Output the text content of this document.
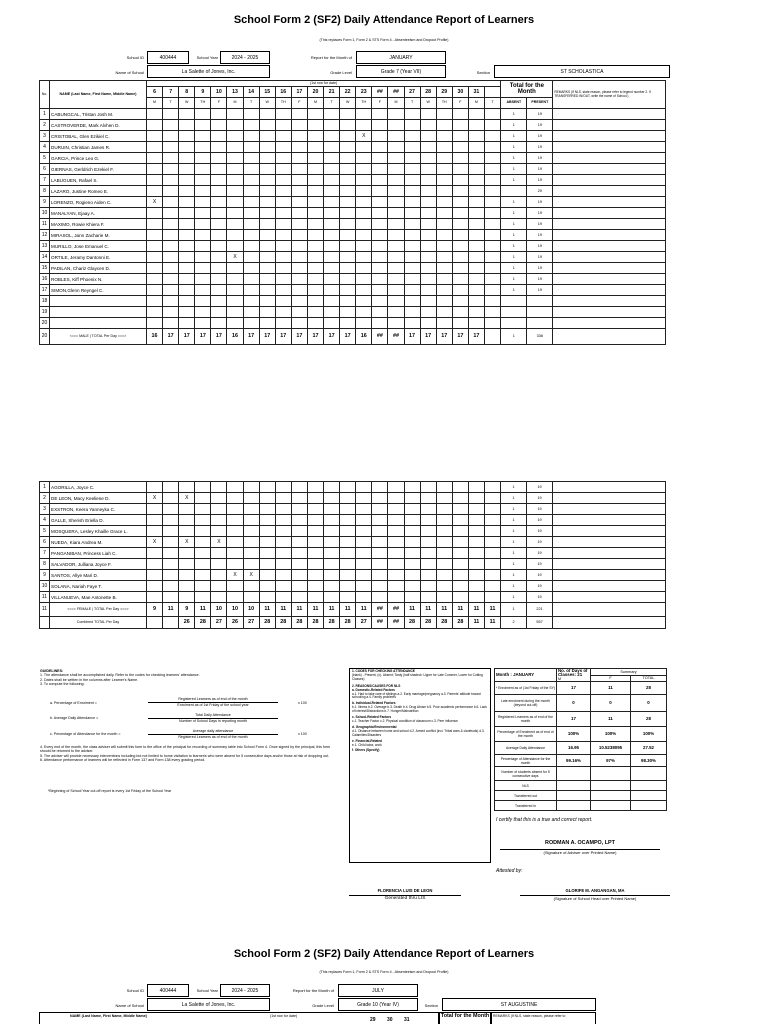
School Form 2 (SF2) Daily Attendance Report of Learners
(This replaces Form 1, Form 2 & STS Form 4 - Absenteeism and Dropout Profile)
School ID	400444	School Year	2024 - 2025	Report for the Month of	JANUARY
Name of School	La Salette of Jones, Inc.	Grade Level	Grade 7 (Year VII)	Section	ST SCHOLASTICA
No.	NAME (Last Name, First Name, Middle Name)	(1st row for date)																						Total for the Month		REMARKS (If NLS, state reason, please refer to legend number 2. If TRANSFERRED IN/OUT, write the name of School.)
		6	7	8	9	10	13	14	15	16	17	20	21	22	23	##	##	27	28	29	30	31				
		M	T	W	TH	F	M	T	W	TH	F	M	T	W	TH	F	M	T	W	TH	F	M	T	ABSENT	PRESENT	
1	CABUNGCAL, Tristan Josh M.																							1	19	
2	CASTROVERDE, Mark Alvhen D.																							1	19	
3	CRISTOBAL, Glen Ezikiel C.														X									1	19	
4	DURUIN, Christian James R.																							1	19	
5	GARCIA, Prince Leo G.																							1	19	
6	GIERNAS, Gerldrich Ezekiel F.																							1	19	
7	LABUGUEN, Rafael S.																							1	19	
8	LAZARO, Justine Romeo E.																								20	
9	LORENZO, Rogieno Aiden C.	X																						1	19	
10	MANALYAN, Ejaay A.																							1	19	
11	MAXIMO, Rowie Khiera F.																							1	19	
12	MIRASOL, Jann Zacharie M.																							1	19	
13	MURILLO, Jose Emanuel C.																							1	19	
14	ORTILE, Jeramy Dantonni E.						X																	1	19	
15	PADILAN, Chariz Glaycen D.																							1	19	
16	ROBLES, Kiff Phoenix N.																							1	19	
17	SIMON,Glenn Reyngel C.																							1	19	
18																										
19																										
20																										
20	<=== MALE | TOTAL Per Day ===>	16	17	17	17	17	16	17	17	17	17	17	17	17	16	##	##	17	17	17	17	17		1	336	
1	AGORILLA, Joyce C.																							1	19	
2	DE LEON, Macy Keeliene D.	X		X																				1	19	
3	EXSTRON, Keera Yanneyka C.																							1	19	
4	GALLE, Sherish Eriella D.																							1	19	
5	MOSQUERA, Lesley Khaille Grace L.																							1	19	
6	NUEDA, Kiara Andrea M.	X		X		X																		1	19	
7	PANGANIBAN, Princess Liah C.																							1	19	
8	SALVADOR, Julliana Joyce F.																							1	19	
9	SANTOS, Allye Mari D.						X	X																1	19	
10	SOLANA, Nariah Faye T.																							1	19	
11	VILLANUEVA, Mae Antonette B.																							1	19	
11	<=== FEMALE | TOTAL Per Day ===>	9	11	9	11	10	10	10	11	11	11	11	11	11	11	##	##	11	11	11	11	11	11	1	221	
	Combined TOTAL Per Day			26	28	27	26	27	28	28	28	28	28	28	27	##	##	28	28	28	28	11	11	2	557	
GUIDELINES:
1. The attendance shall be accomplished daily. Refer to the codes for checking learners' attendance.
2. Dates shall be written in the columns after Learner's Name.
3. To compute the following:
a. Percentage of Enrolment =
Registered Learners as of end of the month
Enrolment as of 1st Friday of the school year	x 100
b. Average Daily Attendance =
Total Daily Attendance
Number of School Days in reporting month
c. Percentage of Attendance for the month =
Average daily attendance
Registered Learners as of end of the month
x 100
4. Every end of the month, the class adviser will submit this form to the office of the principal for recording of summary table into School Form 4. Once signed by the principal, this form should be returned to the adviser.
5. The adviser will provide necessary interventions including but not limited to home visitation to learner/s who were absent for 5 consecutive days and/or those at risk of dropping out.
6. Attendance performance of learners will be reflected in Form 137 and Form 138 every grading period.
*Beginning of School Year cut-off report is every 1st Friday of the School Year
1. CODES FOR CHECKING ATTENDANCE
(blank) - Present; (x)- Absent; Tardy (half shaded= Upper for Late Commer, Lower for Cutting Classes)
2. REASONS/CAUSES FOR NLS
a. Domestic-Related Factors
a.1. Had to take care of siblings a.2. Early marriage/pregnancy a.3. Parents' attitude toward schooling a.4. Family problems
b. Individual-Related Factors
b.1. Illness b.2. Overage b.3. Death b.4. Drug Abuse b.5. Poor academic performance b.6. Lack of interest/Distractions b.7. Hunger/Malnutrition
c. School-Related Factors
c.1. Teacher Factor c.2. Physical condition of classroom c.3. Peer influence
d. Geographic/Environmental
d.1. Distance between home and school d.2. Armed conflict (incl. Tribal wars & clanfeuds) d.3. Calamities/Disasters
e. Financial-Related
e.1. Child labor, work
f. Others (Specify)
Month : JANUARY	No. of Days of Classes: 21
M	Summary	
		F	TOTAL
* Enrolment as of (1st Friday of the SY)	17	11	28
Late enrolment during the month (beyond cut-off)	0	0	0
Registered Learners as of end of the month	17	11	28
Percentage of Enrolment as of end of the month	100%	100%	100%
Average Daily Attendance	16.95	10.5238095	27.52
Percentage of Attendance for the month	99.16%	97%	98.30%
Number of students absent for 5 consecutive days			
NLS			
Transferred out			
Transferred in			
I certify that this is a true and correct report.
RODMAN A. OCAMPO, LPT
(Signature of Adviser over Printed Name)
Attested by:
FLORENCIA LUIS DE LEON
Generated thru LIS
GLORIFE M. ANGANGAN, MA
(Signature of School Head over Printed Name)
School Form 2 (SF2) Daily Attendance Report of Learners
(This replaces Form 1, Form 2 & STS Form 4 - Absenteeism and Dropout Profile)
School ID	400444	School Year	2024 - 2025	Report for the Month of	JULY
Name of School	La Salette of Jones, Inc.	Grade Level	Grade 10 (Year IV)	Section	ST AUGUSTINE
NAME (Last Name, First Name, Middle Name)	(1st row for date)
29 30 31
Total for the Month	REMARKS (If NLS, state reason, please refer to
